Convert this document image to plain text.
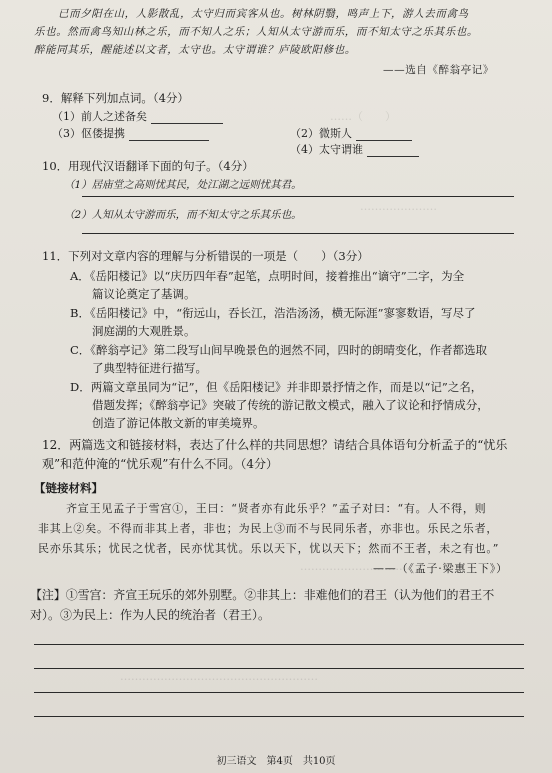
……（　　）
…………………
…………………………
………………………………………………
已而夕阳在山，人影散乱，太守归而宾客从也。树林阴翳，鸣声上下，游人去而禽鸟
乐也。然而禽鸟知山林之乐，而不知人之乐；人知从太守游而乐，而不知太守之乐其乐也。
醉能同其乐，醒能述以文者，太守也。太守谓谁？庐陵欧阳修也。
——选自《醉翁亭记》
9．解释下列加点词。（4分）
（1）前人之述备矣
（3）伛偻提携	（2）微斯人
（4）太守谓谁
10．用现代汉语翻译下面的句子。（4分）
（1）居庙堂之高则忧其民，处江湖之远则忧其君。
（2）人知从太守游而乐，而不知太守之乐其乐也。
11．下列对文章内容的理解与分析错误的一项是（　　）（3分）
A．《岳阳楼记》以“庆历四年春”起笔，点明时间，接着推出“谪守”二字，为全
篇议论奠定了基调。
B．《岳阳楼记》中，“衔远山，吞长江，浩浩汤汤，横无际涯”寥寥数语，写尽了
洞庭湖的大观胜景。
C．《醉翁亭记》第二段写山间早晚景色的迥然不同，四时的朗晴变化，作者都选取
了典型特征进行描写。
D．两篇文章虽同为“记”，但《岳阳楼记》并非即景抒情之作，而是以“记”之名，
借题发挥；《醉翁亭记》突破了传统的游记散文模式，融入了议论和抒情成分，
创造了游记体散文新的审美境界。
12．两篇选文和链接材料，表达了什么样的共同思想？请结合具体语句分析孟子的“忧乐
观”和范仲淹的“忧乐观”有什么不同。（4分）
【链接材料】
齐宣王见孟子于雪宫①，王曰：“贤者亦有此乐乎？”孟子对曰：“有。人不得，则
非其上②矣。不得而非其上者，非也；为民上③而不与民同乐者，亦非也。乐民之乐者，
民亦乐其乐；忧民之忧者，民亦忧其忧。乐以天下，忧以天下；然而不王者，未之有也。”
——（《孟子·梁惠王下》）
【注】①雪宫：齐宣王玩乐的郊外别墅。②非其上：非难他们的君王（认为他们的君王不
对）。③为民上：作为人民的统治者（君王）。
初三语文　第4页　共10页
